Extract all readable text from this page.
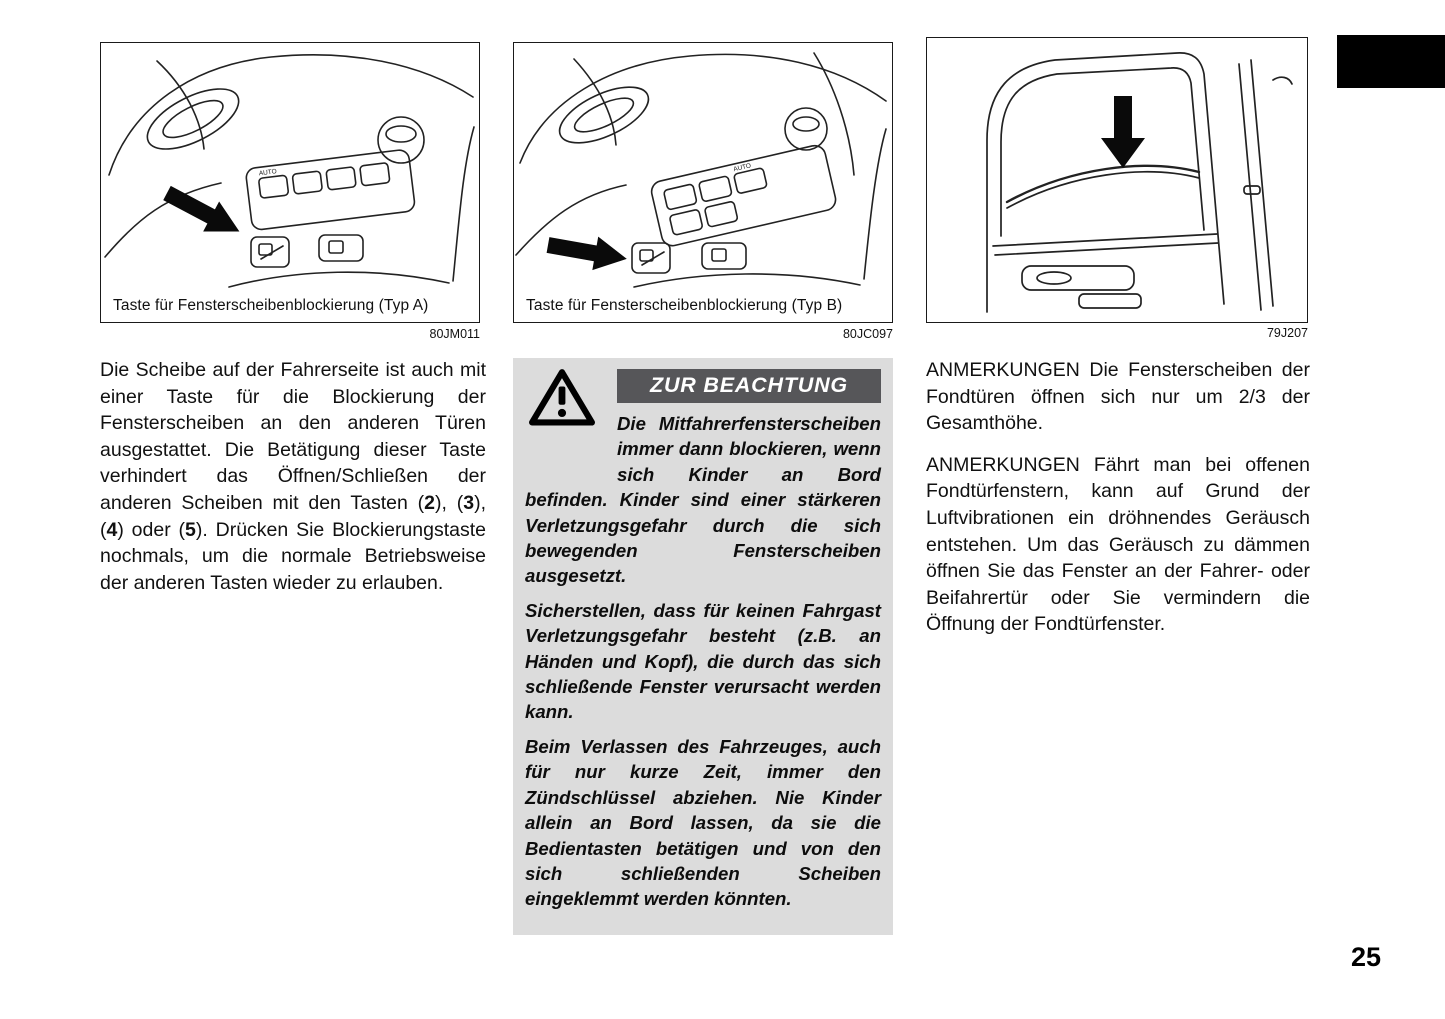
AUTO
Taste für Fensterscheibenblockierung (Typ A)
80JM011
AUTO
Taste für Fensterscheibenblockierung (Typ B)
80JC097	79J207

Die Scheibe auf der Fahrerseite ist auch mit einer Taste für die Blockierung der Fensterscheiben an den anderen Türen ausgestattet. Die Betätigung dieser Taste verhindert das Öffnen/Schließen der anderen Scheiben mit den Tasten (2), (3), (4) oder (5). Drücken Sie Blockierungstaste nochmals, um die normale Betriebsweise der anderen Tasten wieder zu erlauben.

ZUR BEACHTUNG

Die Mitfahrerfensterscheiben immer dann blockieren, wenn sich Kinder an Bord befinden. Kinder sind einer stärkeren Verletzungsgefahr durch die sich bewegenden Fensterscheiben ausgesetzt.

Sicherstellen, dass für keinen Fahrgast Verletzungsgefahr besteht (z.B. an Händen und Kopf), die durch das sich schließende Fenster verursacht werden kann.

Beim Verlassen des Fahrzeuges, auch für nur kurze Zeit, immer den Zündschlüssel abziehen. Nie Kinder allein an Bord lassen, da sie die Bedientasten betätigen und von den sich schließenden Scheiben eingeklemmt werden könnten.

ANMERKUNGEN Die Fensterscheiben der Fondtüren öffnen sich nur um 2/3 der Gesamthöhe.

ANMERKUNGEN Fährt man bei offenen Fondtürfenstern, kann auf Grund der Luftvibrationen ein dröhnendes Geräusch entstehen. Um das Geräusch zu dämmen öffnen Sie das Fenster an der Fahrer- oder Beifahrertür oder Sie vermindern die Öffnung der Fondtürfenster.

25
